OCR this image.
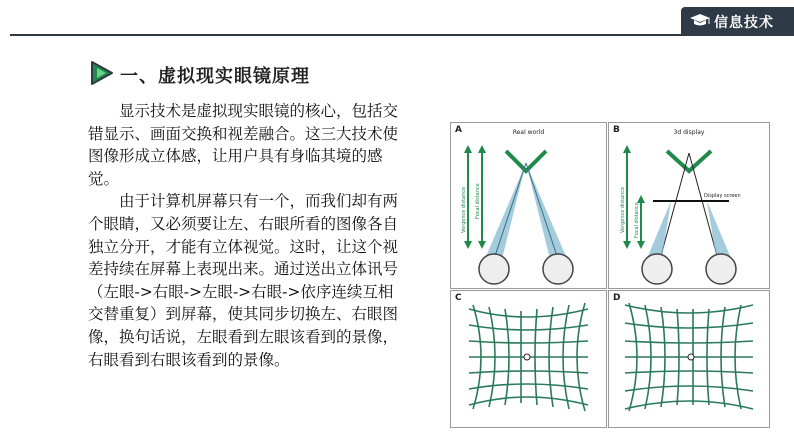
信息技术
一、虚拟现实眼镜原理

显示技术是虚拟现实眼镜的核心，包括交错显示、画面交换和视差融合。这三大技术使图像形成立体感，让用户具有身临其境的感觉。

由于计算机屏幕只有一个，而我们却有两个眼睛，又必须要让左、右眼所看的图像各自独立分开，才能有立体视觉。这时，让这个视差持续在屏幕上表现出来。通过送出立体讯号（左眼->右眼->左眼->右眼->依序连续互相交替重复）到屏幕，使其同步切换左、右眼图像，换句话说，左眼看到左眼该看到的景像，右眼看到右眼该看到的景像。

A	Real world
Vergence distance Focal distance
B	3d display
Vergence distance Focal distance
Display screen
C	D
